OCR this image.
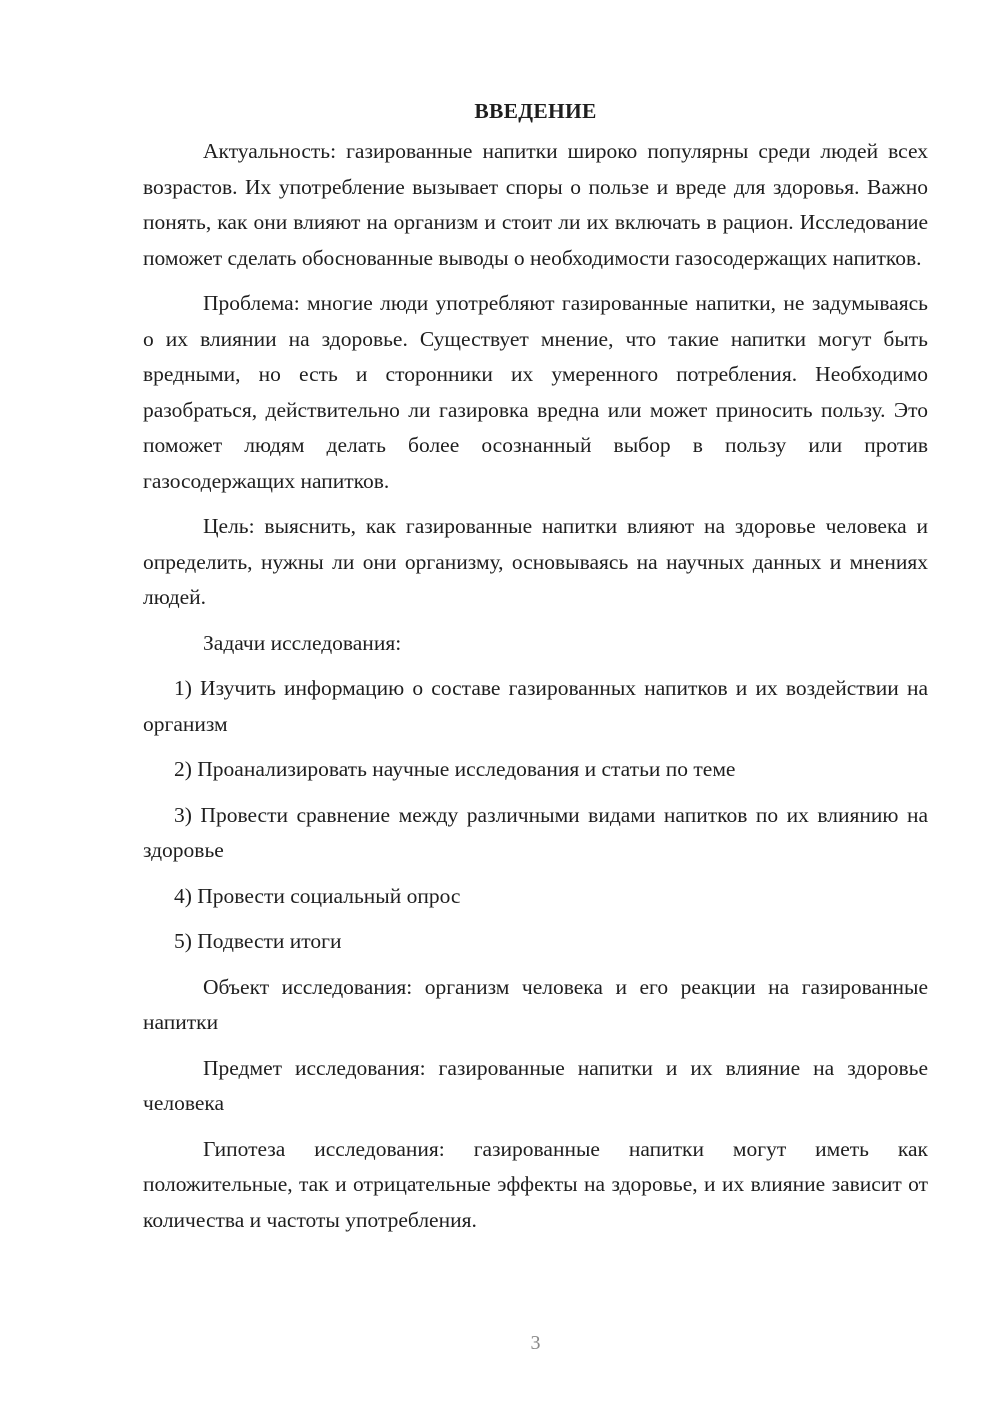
ВВЕДЕНИЕ

Актуальность: газированные напитки широко популярны среди людей всех возрастов. Их употребление вызывает споры о пользе и вреде для здоровья. Важно понять, как они влияют на организм и стоит ли их включать в рацион. Исследование поможет сделать обоснованные выводы о необходимости газосодержащих напитков.

Проблема: многие люди употребляют газированные напитки, не задумываясь о их влиянии на здоровье. Существует мнение, что такие напитки могут быть вредными, но есть и сторонники их умеренного потребления. Необходимо разобраться, действительно ли газировка вредна или может приносить пользу. Это поможет людям делать более осознанный выбор в пользу или против газосодержащих напитков.

Цель: выяснить, как газированные напитки влияют на здоровье человека и определить, нужны ли они организму, основываясь на научных данных и мнениях людей.

Задачи исследования:

1) Изучить информацию о составе газированных напитков и их воздействии на организм

2) Проанализировать научные исследования и статьи по теме

3) Провести сравнение между различными видами напитков по их влиянию на здоровье

4) Провести социальный опрос

5) Подвести итоги

Объект исследования: организм человека и его реакции на газированные напитки

Предмет исследования: газированные напитки и их влияние на здоровье человека

Гипотеза исследования: газированные напитки могут иметь как положительные, так и отрицательные эффекты на здоровье, и их влияние зависит от количества и частоты употребления.

3
